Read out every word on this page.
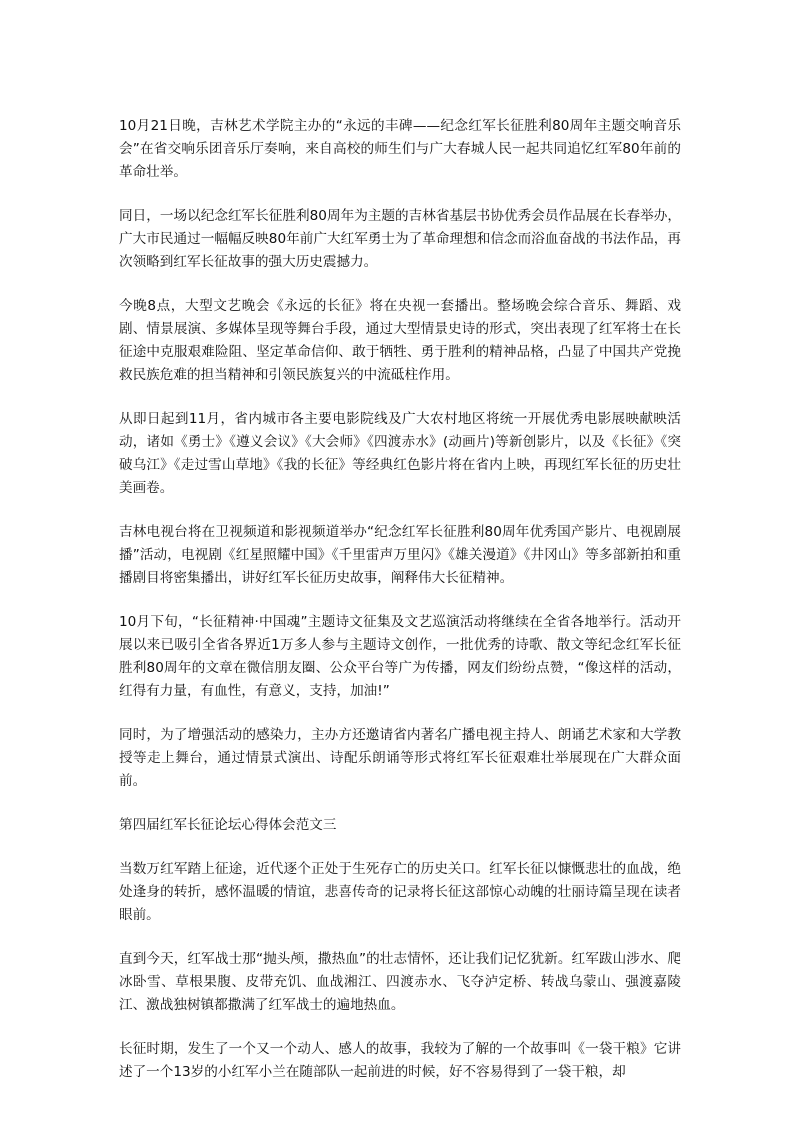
10月21日晚，吉林艺术学院主办的“永远的丰碑——纪念红军长征胜利80周年主题交响音乐会”在省交响乐团音乐厅奏响，来自高校的师生们与广大春城人民一起共同追忆红军80年前的革命壮举。

同日，一场以纪念红军长征胜利80周年为主题的吉林省基层书协优秀会员作品展在长春举办，广大市民通过一幅幅反映80年前广大红军勇士为了革命理想和信念而浴血奋战的书法作品，再次领略到红军长征故事的强大历史震撼力。

今晚8点，大型文艺晚会《永远的长征》将在央视一套播出。整场晚会综合音乐、舞蹈、戏剧、情景展演、多媒体呈现等舞台手段，通过大型情景史诗的形式，突出表现了红军将士在长征途中克服艰难险阻、坚定革命信仰、敢于牺牲、勇于胜利的精神品格，凸显了中国共产党挽救民族危难的担当精神和引领民族复兴的中流砥柱作用。

从即日起到11月，省内城市各主要电影院线及广大农村地区将统一开展优秀电影展映献映活动，诸如《勇士》《遵义会议》《大会师》《四渡赤水》(动画片)等新创影片，以及《长征》《突破乌江》《走过雪山草地》《我的长征》等经典红色影片将在省内上映，再现红军长征的历史壮美画卷。

吉林电视台将在卫视频道和影视频道举办“纪念红军长征胜利80周年优秀国产影片、电视剧展播”活动，电视剧《红星照耀中国》《千里雷声万里闪》《雄关漫道》《井冈山》等多部新拍和重播剧目将密集播出，讲好红军长征历史故事，阐释伟大长征精神。

10月下旬，“长征精神·中国魂”主题诗文征集及文艺巡演活动将继续在全省各地举行。活动开展以来已吸引全省各界近1万多人参与主题诗文创作，一批优秀的诗歌、散文等纪念红军长征胜利80周年的文章在微信朋友圈、公众平台等广为传播，网友们纷纷点赞，“像这样的活动，红得有力量，有血性，有意义，支持，加油!”

同时，为了增强活动的感染力，主办方还邀请省内著名广播电视主持人、朗诵艺术家和大学教授等走上舞台，通过情景式演出、诗配乐朗诵等形式将红军长征艰难壮举展现在广大群众面前。

第四届红军长征论坛心得体会范文三

当数万红军踏上征途，近代逐个正处于生死存亡的历史关口。红军长征以慷慨悲壮的血战，绝处逢身的转折，感怀温暖的情谊，悲喜传奇的记录将长征这部惊心动魄的壮丽诗篇呈现在读者眼前。

直到今天，红军战士那“抛头颅，撒热血”的壮志情怀，还让我们记忆犹新。红军跋山涉水、爬冰卧雪、草根果腹、皮带充饥、血战湘江、四渡赤水、飞夺泸定桥、转战乌蒙山、强渡嘉陵江、激战独树镇都撒满了红军战士的遍地热血。

长征时期，发生了一个又一个动人、感人的故事，我较为了解的一个故事叫《一袋干粮》它讲述了一个13岁的小红军小兰在随部队一起前进的时候，好不容易得到了一袋干粮，却
